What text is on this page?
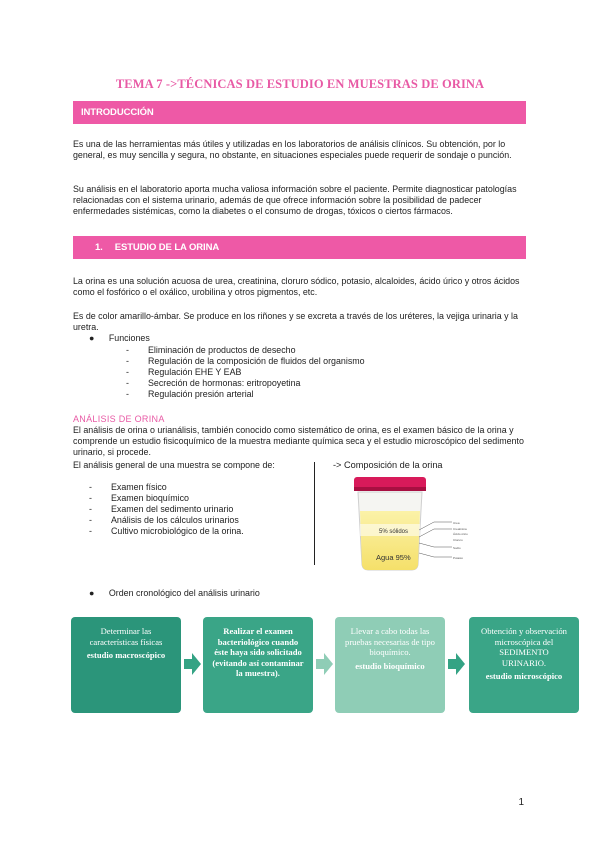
TEMA 7 ->TÉCNICAS DE ESTUDIO EN MUESTRAS DE ORINA
INTRODUCCIÓN

Es una de las herramientas más útiles y utilizadas en los laboratorios de análisis clínicos. Su obtención, por lo general, es muy sencilla y segura, no obstante, en situaciones especiales puede requerir de sondaje o punción.

Su análisis en el laboratorio aporta mucha valiosa información sobre el paciente. Permite diagnosticar patologías relacionadas con el sistema urinario, además de que ofrece información sobre la posibilidad de padecer enfermedades sistémicas, como la diabetes o el consumo de drogas, tóxicos o ciertos fármacos.

1. ESTUDIO DE LA ORINA

La orina es una solución acuosa de urea, creatinina, cloruro sódico, potasio, alcaloides, ácido úrico y otros ácidos como el fosfórico o el oxálico, urobilina y otros pigmentos, etc.

Es de color amarillo-ámbar. Se produce en los riñones y se excreta a través de los uréteres, la vejiga urinaria y la uretra.

● Funciones
- Eliminación de productos de desecho
- Regulación de la composición de fluidos del organismo
- Regulación EHE Y EAB
- Secreción de hormonas: eritropoyetina
- Regulación presión arterial
ANÁLISIS DE ORINA

El análisis de orina o urianálisis, también conocido como sistemático de orina, es el examen básico de la orina y comprende un estudio fisicoquímico de la muestra mediante química seca y el estudio microscópico del sedimento urinario, si procede.

El análisis general de una muestra se compone de:

- Examen físico
- Examen bioquímico
- Examen del sedimento urinario
- Análisis de los cálculos urinarios
- Cultivo microbiológico de la orina.
-> Composición de la orina
5% sólidos
Agua 95%
Urea
Creatinina
Ácido úrico
Cloruro
Sodio
Potasio
● Orden cronológico del análisis urinario
Determinar las características físicas
estudio macroscópico
Realizar el examen bacteriológico cuando éste haya sido solicitado (evitando así contaminar la muestra).
Llevar a cabo todas las pruebas necesarias de tipo bioquímico.
estudio bioquímico
Obtención y observación microscópica del SEDIMENTO URINARIO.
estudio microscópico
1
